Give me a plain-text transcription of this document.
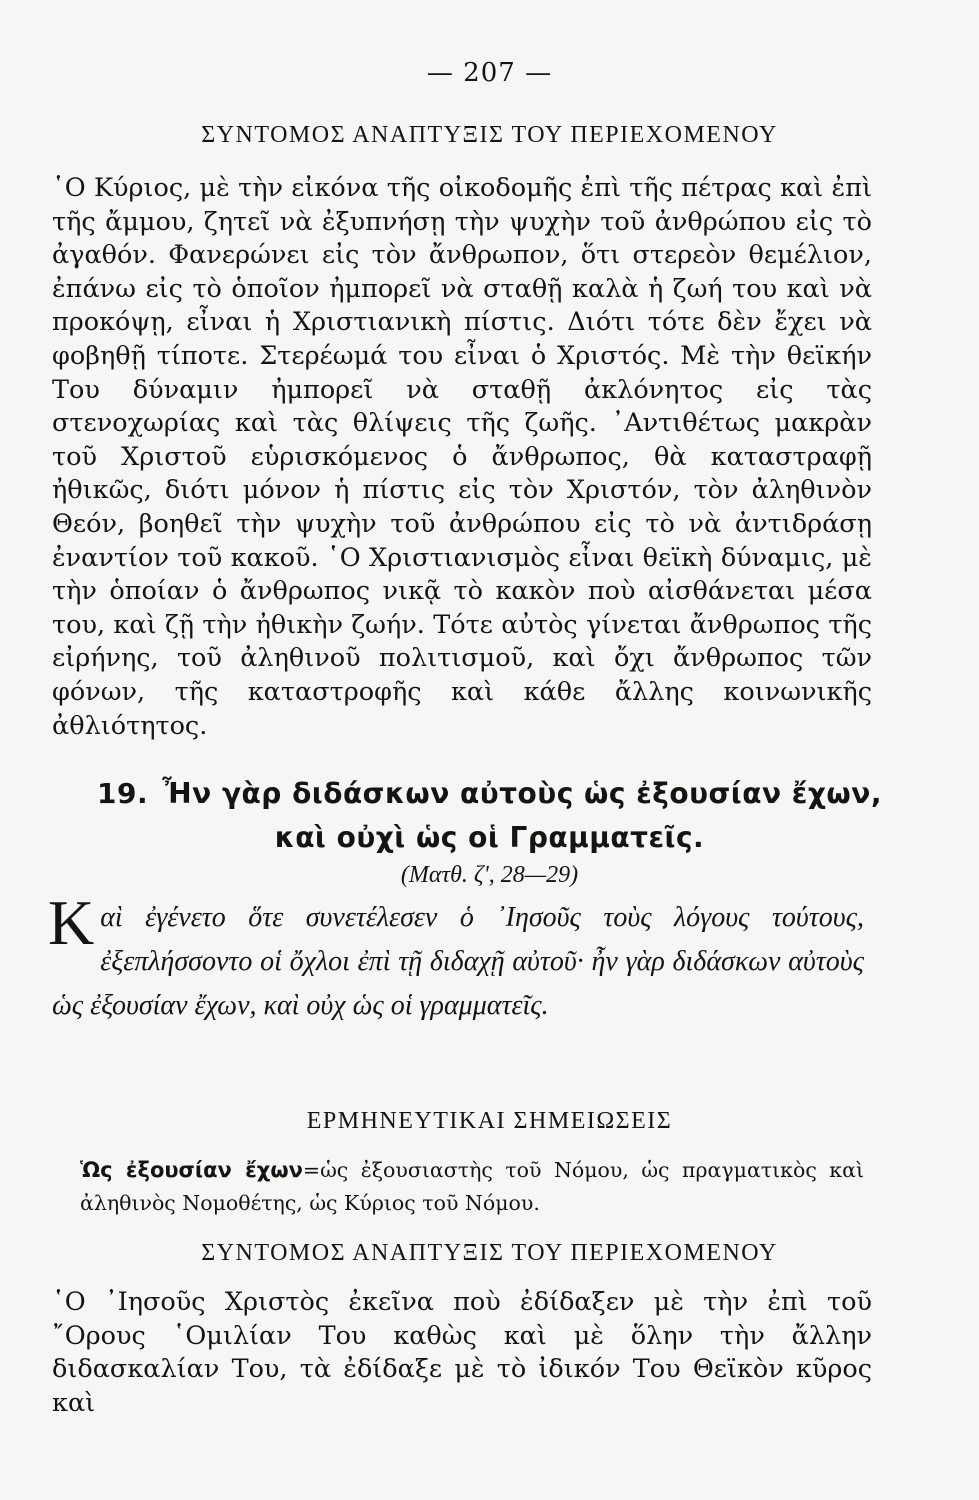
— 207 —
ΣΥΝΤΟΜΟΣ ΑΝΑΠΤΥΞΙΣ ΤΟΥ ΠΕΡΙΕΧΟΜΕΝΟΥ

῾Ο Κύριος, μὲ τὴν εἰκόνα τῆς οἰκοδομῆς ἐπὶ τῆς πέτρας καὶ ἐπὶ τῆς ἄμμου, ζητεῖ νὰ ἐξυπνήσῃ τὴν ψυχὴν τοῦ ἀνθρώπου εἰς τὸ ἀγαθόν. Φανερώνει εἰς τὸν ἄνθρωπον, ὅτι στερεὸν θεμέλιον, ἐπάνω εἰς τὸ ὁποῖον ἠμπορεῖ νὰ σταθῇ καλὰ ἡ ζωή του καὶ νὰ προκόψῃ, εἶναι ἡ Χριστιανικὴ πίστις. Διότι τότε δὲν ἔχει νὰ φοβηθῇ τίποτε. Στερέωμά του εἶναι ὁ Χριστός. Μὲ τὴν θεϊκήν Του δύναμιν ἠμπορεῖ νὰ σταθῇ ἀκλόνητος εἰς τὰς στενοχωρίας καὶ τὰς θλίψεις τῆς ζωῆς. ᾿Αντιθέτως μακρὰν τοῦ Χριστοῦ εὑρισκόμενος ὁ ἄνθρωπος, θὰ καταστραφῇ ἠθικῶς, διότι μόνον ἡ πίστις εἰς τὸν Χριστόν, τὸν ἀληθινὸν Θεόν, βοηθεῖ τὴν ψυχὴν τοῦ ἀνθρώπου εἰς τὸ νὰ ἀντιδράσῃ ἐναντίον τοῦ κακοῦ. ῾Ο Χριστιανισμὸς εἶναι θεϊκὴ δύναμις, μὲ τὴν ὁποίαν ὁ ἄνθρωπος νικᾷ τὸ κακὸν ποὺ αἰσθάνεται μέσα του, καὶ ζῇ τὴν ἠθικὴν ζωήν. Τότε αὐτὸς γίνεται ἄνθρωπος τῆς εἰρήνης, τοῦ ἀληθινοῦ πολιτισμοῦ, καὶ ὄχι ἄνθρωπος τῶν φόνων, τῆς καταστροφῆς καὶ κάθε ἄλλης κοινωνικῆς ἀθλιότητος.

19. Ἦν γὰρ διδάσκων αὐτοὺς ὡς ἐξουσίαν ἔχων,
καὶ οὐχὶ ὡς οἱ Γραμματεῖς.
(Ματθ. ζ', 28—29)

Καὶ ἐγένετο ὅτε συνετέλεσεν ὁ ᾿Ιησοῦς τοὺς λόγους τούτους, ἐξεπλήσσοντο οἱ ὄχλοι ἐπὶ τῇ διδαχῇ αὐτοῦ· ἦν γὰρ διδάσκων αὐτοὺς ὡς ἐξουσίαν ἔχων, καὶ οὐχ ὡς οἱ γραμματεῖς.

ΕΡΜΗΝΕΥΤΙΚΑΙ ΣΗΜΕΙΩΣΕΙΣ

Ὡς ἐξουσίαν ἔχων=ὡς ἐξουσιαστὴς τοῦ Νόμου, ὡς πραγματικὸς καὶ ἀληθινὸς Νομοθέτης, ὡς Κύριος τοῦ Νόμου.

ΣΥΝΤΟΜΟΣ ΑΝΑΠΤΥΞΙΣ ΤΟΥ ΠΕΡΙΕΧΟΜΕΝΟΥ

῾Ο ᾿Ιησοῦς Χριστὸς ἐκεῖνα ποὺ ἐδίδαξεν μὲ τὴν ἐπὶ τοῦ ῎Ορους ῾Ομιλίαν Του καθὼς καὶ μὲ ὅλην τὴν ἄλλην διδασκαλίαν Του, τὰ ἐδίδαξε μὲ τὸ ἰδικόν Του Θεϊκὸν κῦρος καὶ
